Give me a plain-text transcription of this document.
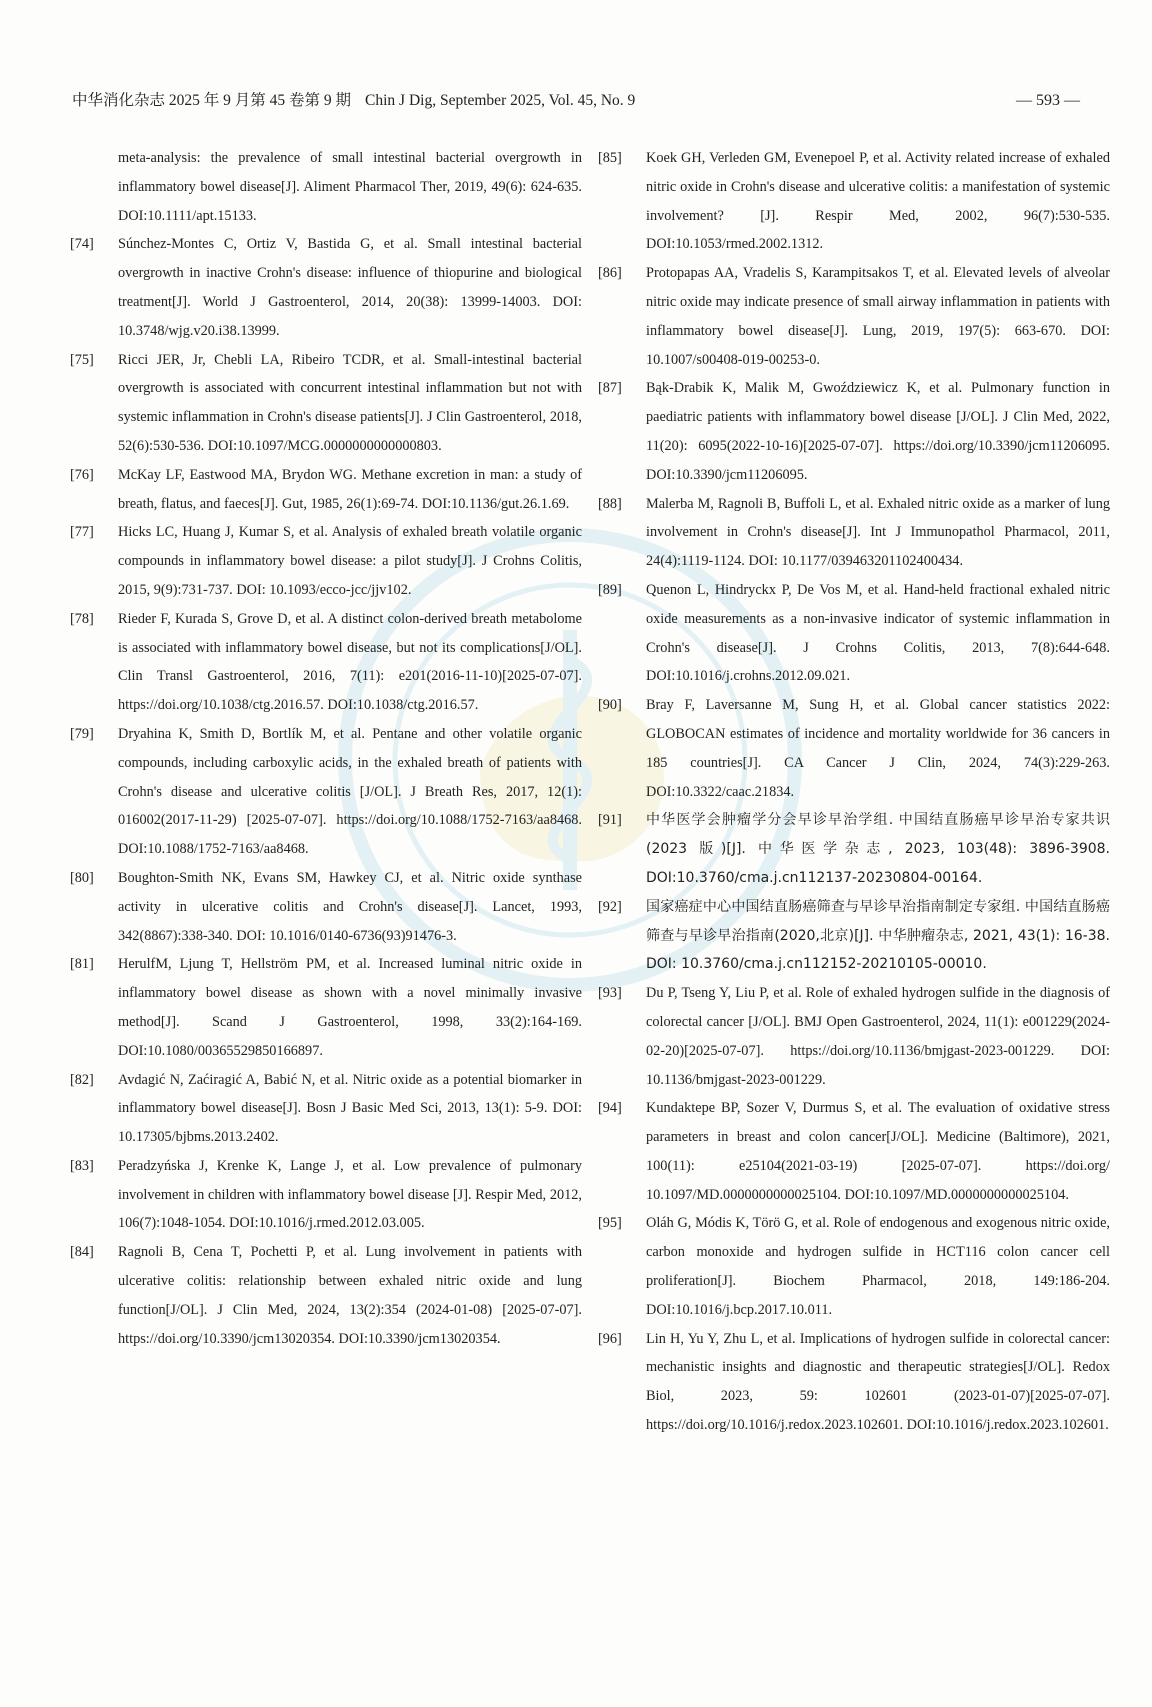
中华消化杂志 2025 年 9 月第 45 卷第 9 期 Chin J Dig, September 2025, Vol. 45, No. 9	— 593 —

meta-analysis: the prevalence of small intestinal bacterial overgrowth in inflammatory bowel disease[J]. Aliment Pharmacol Ther, 2019, 49(6): 624-635. DOI:10.1111/apt.15133.

[74]	Súnchez-Montes C, Ortiz V, Bastida G, et al. Small intestinal bacterial overgrowth in inactive Crohn's disease: influence of thiopurine and biological treatment[J]. World J Gastroenterol, 2014, 20(38): 13999-14003. DOI: 10.3748/wjg.v20.i38.13999.

[75]	Ricci JER, Jr, Chebli LA, Ribeiro TCDR, et al. Small-intestinal bacterial overgrowth is associated with concurrent intestinal inflammation but not with systemic inflammation in Crohn's disease patients[J]. J Clin Gastroenterol, 2018, 52(6):530-536. DOI:10.1097/MCG.0000000000000803.

[76]	McKay LF, Eastwood MA, Brydon WG. Methane excretion in man: a study of breath, flatus, and faeces[J]. Gut, 1985, 26(1):69-74. DOI:10.1136/gut.26.1.69.

[77]	Hicks LC, Huang J, Kumar S, et al. Analysis of exhaled breath volatile organic compounds in inflammatory bowel disease: a pilot study[J]. J Crohns Colitis, 2015, 9(9):731-737. DOI: 10.1093/ecco-jcc/jjv102.

[78]	Rieder F, Kurada S, Grove D, et al. A distinct colon-derived breath metabolome is associated with inflammatory bowel disease, but not its complications[J/OL]. Clin Transl Gastroenterol, 2016, 7(11): e201(2016-11-10)[2025-07-07]. https://doi.org/10.1038/ctg.2016.57. DOI:10.1038/ctg.2016.57.

[79]	Dryahina K, Smith D, Bortlík M, et al. Pentane and other volatile organic compounds, including carboxylic acids, in the exhaled breath of patients with Crohn's disease and ulcerative colitis [J/OL]. J Breath Res, 2017, 12(1): 016002(2017-11-29) [2025-07-07]. https://doi.org/10.1088/1752-7163/aa8468. DOI:10.1088/1752-7163/aa8468.

[80]	Boughton-Smith NK, Evans SM, Hawkey CJ, et al. Nitric oxide synthase activity in ulcerative colitis and Crohn's disease[J]. Lancet, 1993, 342(8867):338-340. DOI: 10.1016/0140-6736(93)91476-3.

[81]	HerulfM, Ljung T, Hellström PM, et al. Increased luminal nitric oxide in inflammatory bowel disease as shown with a novel minimally invasive method[J]. Scand J Gastroenterol, 1998, 33(2):164-169. DOI:10.1080/00365529850166897.

[82]	Avdagić N, Zaćiragić A, Babić N, et al. Nitric oxide as a potential biomarker in inflammatory bowel disease[J]. Bosn J Basic Med Sci, 2013, 13(1): 5-9. DOI: 10.17305/bjbms.2013.2402.

[83]	Peradzyńska J, Krenke K, Lange J, et al. Low prevalence of pulmonary involvement in children with inflammatory bowel disease [J]. Respir Med, 2012, 106(7):1048-1054. DOI:10.1016/j.rmed.2012.03.005.

[84]	Ragnoli B, Cena T, Pochetti P, et al. Lung involvement in patients with ulcerative colitis: relationship between exhaled nitric oxide and lung function[J/OL]. J Clin Med, 2024, 13(2):354 (2024-01-08) [2025-07-07]. https://doi.org/10.3390/jcm13020354. DOI:10.3390/jcm13020354.

[85]	Koek GH, Verleden GM, Evenepoel P, et al. Activity related increase of exhaled nitric oxide in Crohn's disease and ulcerative colitis: a manifestation of systemic involvement? [J]. Respir Med, 2002, 96(7):530-535. DOI:10.1053/rmed.2002.1312.

[86]	Protopapas AA, Vradelis S, Karampitsakos T, et al. Elevated levels of alveolar nitric oxide may indicate presence of small airway inflammation in patients with inflammatory bowel disease[J]. Lung, 2019, 197(5): 663-670. DOI: 10.1007/s00408-019-00253-0.

[87]	Bąk-Drabik K, Malik M, Gwoździewicz K, et al. Pulmonary function in paediatric patients with inflammatory bowel disease [J/OL]. J Clin Med, 2022, 11(20): 6095(2022-10-16)[2025-07-07]. https://doi.org/10.3390/jcm11206095. DOI:10.3390/jcm11206095.

[88]	Malerba M, Ragnoli B, Buffoli L, et al. Exhaled nitric oxide as a marker of lung involvement in Crohn's disease[J]. Int J Immunopathol Pharmacol, 2011, 24(4):1119-1124. DOI: 10.1177/039463201102400434.

[89]	Quenon L, Hindryckx P, De Vos M, et al. Hand-held fractional exhaled nitric oxide measurements as a non-invasive indicator of systemic inflammation in Crohn's disease[J]. J Crohns Colitis, 2013, 7(8):644-648. DOI:10.1016/j.crohns.2012.09.021.

[90]	Bray F, Laversanne M, Sung H, et al. Global cancer statistics 2022: GLOBOCAN estimates of incidence and mortality worldwide for 36 cancers in 185 countries[J]. CA Cancer J Clin, 2024, 74(3):229-263. DOI:10.3322/caac.21834.

[91]	中华医学会肿瘤学分会早诊早治学组. 中国结直肠癌早诊早治专家共识(2023 版)[J]. 中华医学杂志, 2023, 103(48): 3896-3908. DOI:10.3760/cma.j.cn112137-20230804-00164.

[92]	国家癌症中心中国结直肠癌筛查与早诊早治指南制定专家组. 中国结直肠癌筛查与早诊早治指南(2020,北京)[J]. 中华肿瘤杂志, 2021, 43(1): 16-38. DOI: 10.3760/cma.j.cn112152-20210105-00010.

[93]	Du P, Tseng Y, Liu P, et al. Role of exhaled hydrogen sulfide in the diagnosis of colorectal cancer [J/OL]. BMJ Open Gastroenterol, 2024, 11(1): e001229(2024-02-20)[2025-07-07]. https://doi.org/10.1136/bmjgast-2023-001229. DOI: 10.1136/bmjgast-2023-001229.

[94]	Kundaktepe BP, Sozer V, Durmus S, et al. The evaluation of oxidative stress parameters in breast and colon cancer[J/OL]. Medicine (Baltimore), 2021, 100(11): e25104(2021-03-19) [2025-07-07]. https://doi.org/ 10.1097/MD.0000000000025104. DOI:10.1097/MD.0000000000025104.

[95]	Oláh G, Módis K, Törö G, et al. Role of endogenous and exogenous nitric oxide, carbon monoxide and hydrogen sulfide in HCT116 colon cancer cell proliferation[J]. Biochem Pharmacol, 2018, 149:186-204. DOI:10.1016/j.bcp.2017.10.011.

[96]	Lin H, Yu Y, Zhu L, et al. Implications of hydrogen sulfide in colorectal cancer: mechanistic insights and diagnostic and therapeutic strategies[J/OL]. Redox Biol, 2023, 59: 102601 (2023-01-07)[2025-07-07]. https://doi.org/10.1016/j.redox.2023.102601. DOI:10.1016/j.redox.2023.102601.
